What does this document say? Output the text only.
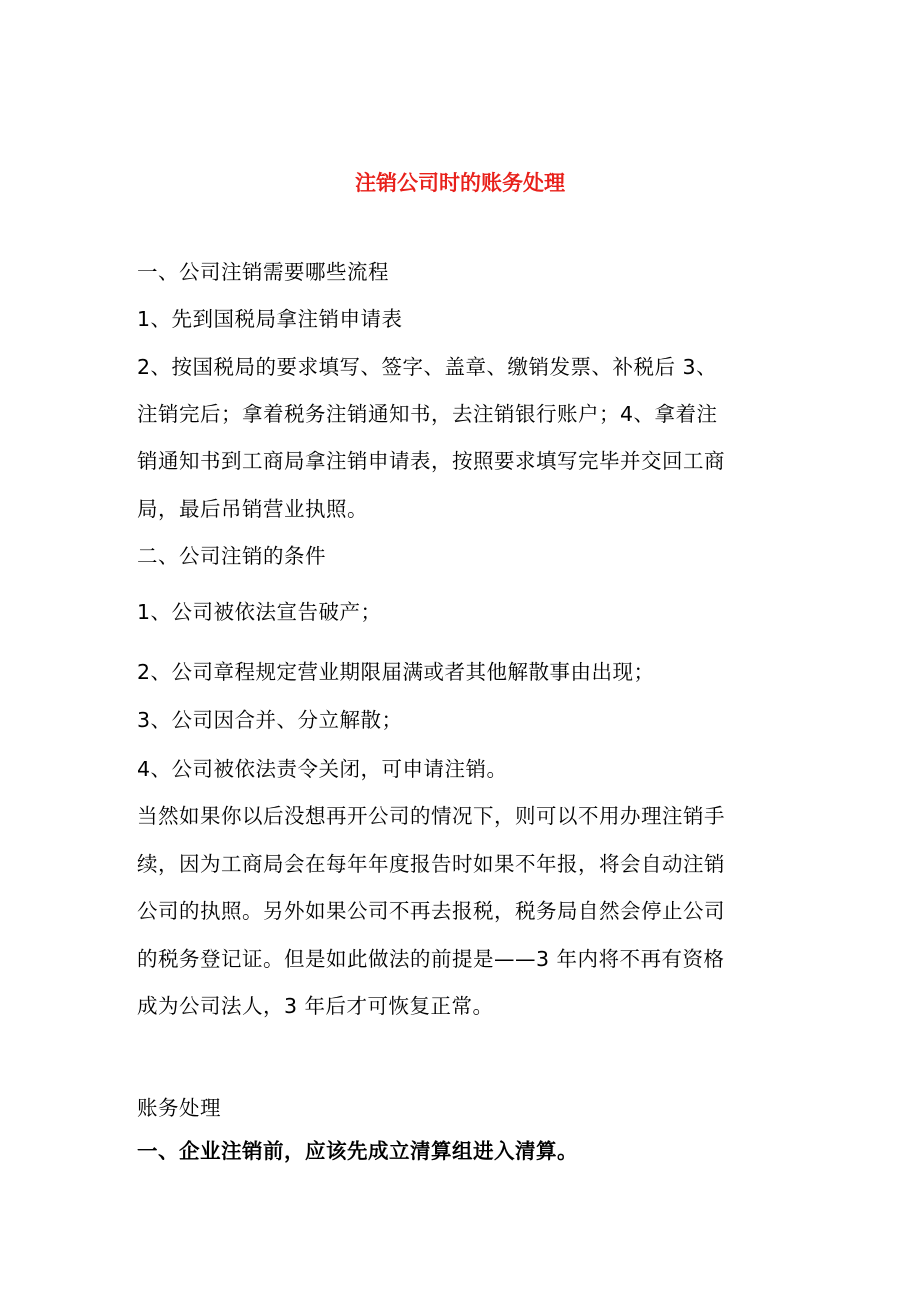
注销公司时的账务处理
一、公司注销需要哪些流程
1、先到国税局拿注销申请表
2、按国税局的要求填写、签字、盖章、缴销发票、补税后 3、
注销完后；拿着税务注销通知书，去注销银行账户；4、拿着注
销通知书到工商局拿注销申请表，按照要求填写完毕并交回工商
局，最后吊销营业执照。
二、公司注销的条件
1、公司被依法宣告破产；
2、公司章程规定营业期限届满或者其他解散事由出现；
3、公司因合并、分立解散；
4、公司被依法责令关闭，可申请注销。
当然如果你以后没想再开公司的情况下，则可以不用办理注销手
续，因为工商局会在每年年度报告时如果不年报，将会自动注销
公司的执照。另外如果公司不再去报税，税务局自然会停止公司
的税务登记证。但是如此做法的前提是——3 年内将不再有资格
成为公司法人，3 年后才可恢复正常。
账务处理
一、企业注销前，应该先成立清算组进入清算。
